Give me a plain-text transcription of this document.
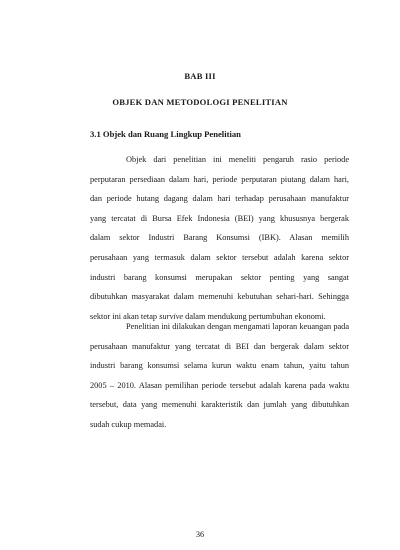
BAB III
OBJEK DAN METODOLOGI PENELITIAN
3.1 Objek dan Ruang Lingkup Penelitian
Objek dari penelitian ini meneliti pengaruh rasio periode
perputaran persediaan dalam hari, periode perputaran piutang dalam hari,
dan periode hutang dagang dalam hari terhadap perusahaan manufaktur
yang tercatat di Bursa Efek Indonesia (BEI) yang khususnya bergerak
dalam sektor Industri Barang Konsumsi (IBK). Alasan memilih
perusahaan yang termasuk dalam sektor tersebut adalah karena sektor
industri barang konsumsi merupakan sektor penting yang sangat
dibutuhkan masyarakat dalam memenuhi kebutuhan sehari-hari. Sehingga
sektor ini akan tetap survive dalam mendukung pertumbuhan ekonomi.
Penelitian ini dilakukan dengan mengamati laporan keuangan pada
perusahaan manufaktur yang tercatat di BEI dan bergerak dalam sektor
industri barang konsumsi selama kurun waktu enam tahun, yaitu tahun
2005 – 2010. Alasan pemilihan periode tersebut adalah karena pada waktu
tersebut, data yang memenuhi karakteristik dan jumlah yang dibutuhkan
sudah cukup memadai.
36
